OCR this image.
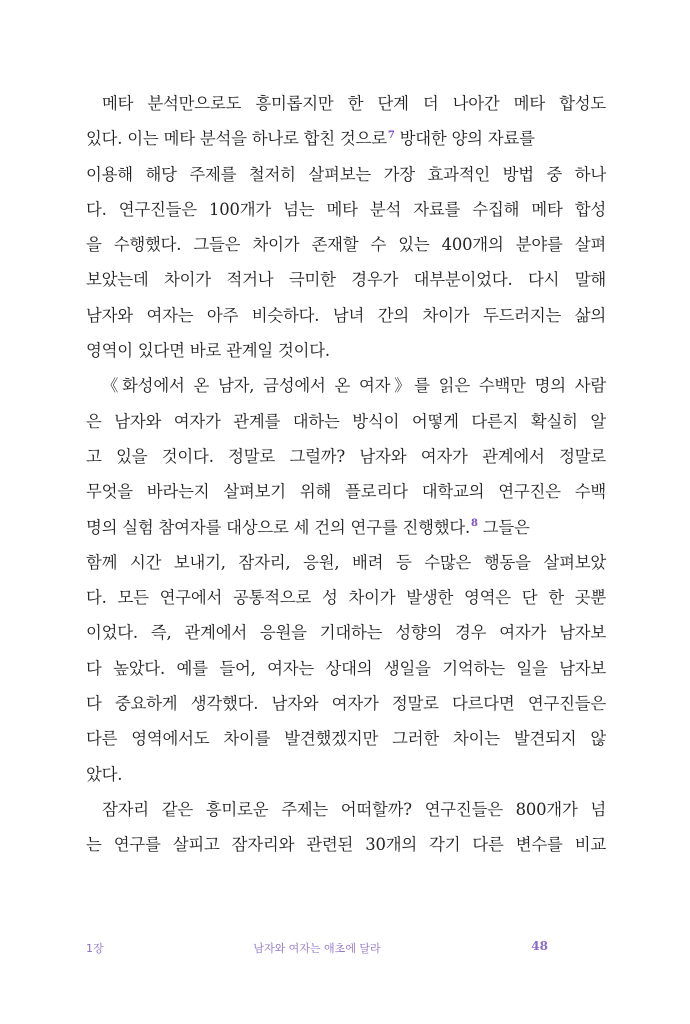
메타 분석만으로도 흥미롭지만 한 단계 더 나아간 메타 합성도
있다. 이는 메타 분석을 하나로 합친 것으로$^7$ 방대한 양의 자료를
이용해 해당 주제를 철저히 살펴보는 가장 효과적인 방법 중 하나
다. 연구진들은 100개가 넘는 메타 분석 자료를 수집해 메타 합성
을 수행했다. 그들은 차이가 존재할 수 있는 400개의 분야를 살펴
보았는데 차이가 적거나 극미한 경우가 대부분이었다. 다시 말해
남자와 여자는 아주 비슷하다. 남녀 간의 차이가 두드러지는 삶의
영역이 있다면 바로 관계일 것이다.
《화성에서 온 남자, 금성에서 온 여자》를 읽은 수백만 명의 사람
은 남자와 여자가 관계를 대하는 방식이 어떻게 다른지 확실히 알
고 있을 것이다. 정말로 그럴까? 남자와 여자가 관계에서 정말로
무엇을 바라는지 살펴보기 위해 플로리다 대학교의 연구진은 수백
명의 실험 참여자를 대상으로 세 건의 연구를 진행했다.$^8$ 그들은
함께 시간 보내기, 잠자리, 응원, 배려 등 수많은 행동을 살펴보았
다. 모든 연구에서 공통적으로 성 차이가 발생한 영역은 단 한 곳뿐
이었다. 즉, 관계에서 응원을 기대하는 성향의 경우 여자가 남자보
다 높았다. 예를 들어, 여자는 상대의 생일을 기억하는 일을 남자보
다 중요하게 생각했다. 남자와 여자가 정말로 다르다면 연구진들은
다른 영역에서도 차이를 발견했겠지만 그러한 차이는 발견되지 않
았다.
잠자리 같은 흥미로운 주제는 어떠할까? 연구진들은 800개가 넘
는 연구를 살피고 잠자리와 관련된 30개의 각기 다른 변수를 비교
1장	남자와 여자는 애초에 달라	48
